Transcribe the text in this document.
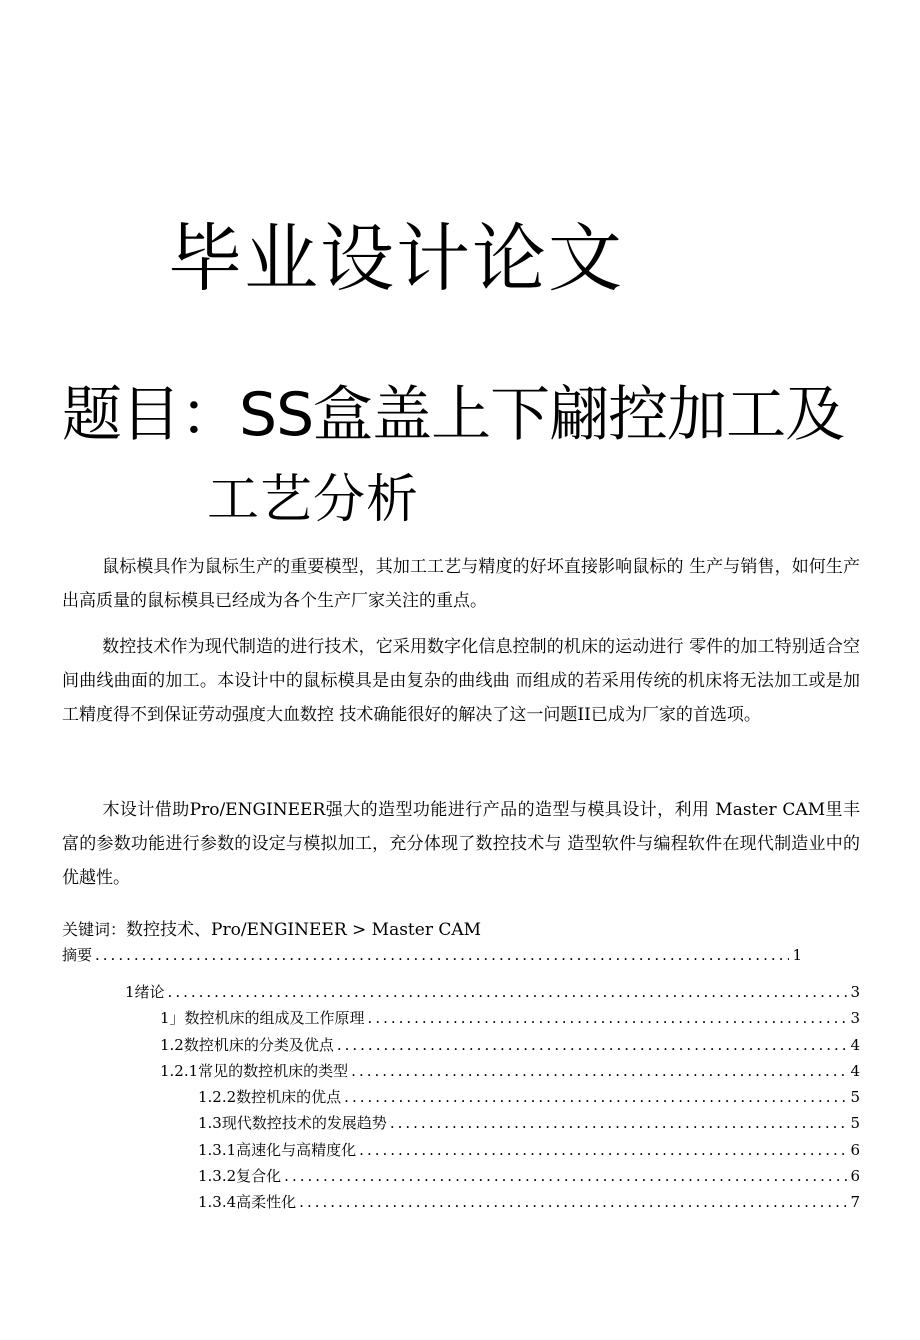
毕业设计论文
题目：SS盒盖上下翩控加工及
工艺分析
鼠标模具作为鼠标生产的重要模型，其加工工艺与精度的好坏直接影响鼠标的 生产与销售，如何生产出高质量的鼠标模具已经成为各个生产厂家关注的重点。
数控技术作为现代制造的进行技术，它采用数字化信息控制的机床的运动进行 零件的加工特别适合空间曲线曲面的加工。本设计中的鼠标模具是由复杂的曲线曲 而组成的若采用传统的机床将无法加工或是加工精度得不到保证劳动强度大血数控 技术确能很好的解决了这一问题II已成为厂家的首选项。
木设计借助Pro/ENGINEER强大的造型功能进行产品的造型与模具设计，利用 Master CAM里丰富的参数功能进行参数的设定与模拟加工，充分体现了数控技术与 造型软件与编程软件在现代制造业中的优越性。
关键词：数控技术、Pro/ENGINEER > Master CAM
摘要 .....	1
1绪论 .....	3
1」数控机床的组成及工作原理 .....	3
1.2数控机床的分类及优点 .....	4
1.2.1常见的数控机床的类型 .....	4
1.2.2数控机床的优点 .....	5
1.3现代数控技术的发展趋势 .....	5
1.3.1高速化与高精度化 .....	6
1.3.2复合化 .....	6
1.3.4高柔性化 .....	7
